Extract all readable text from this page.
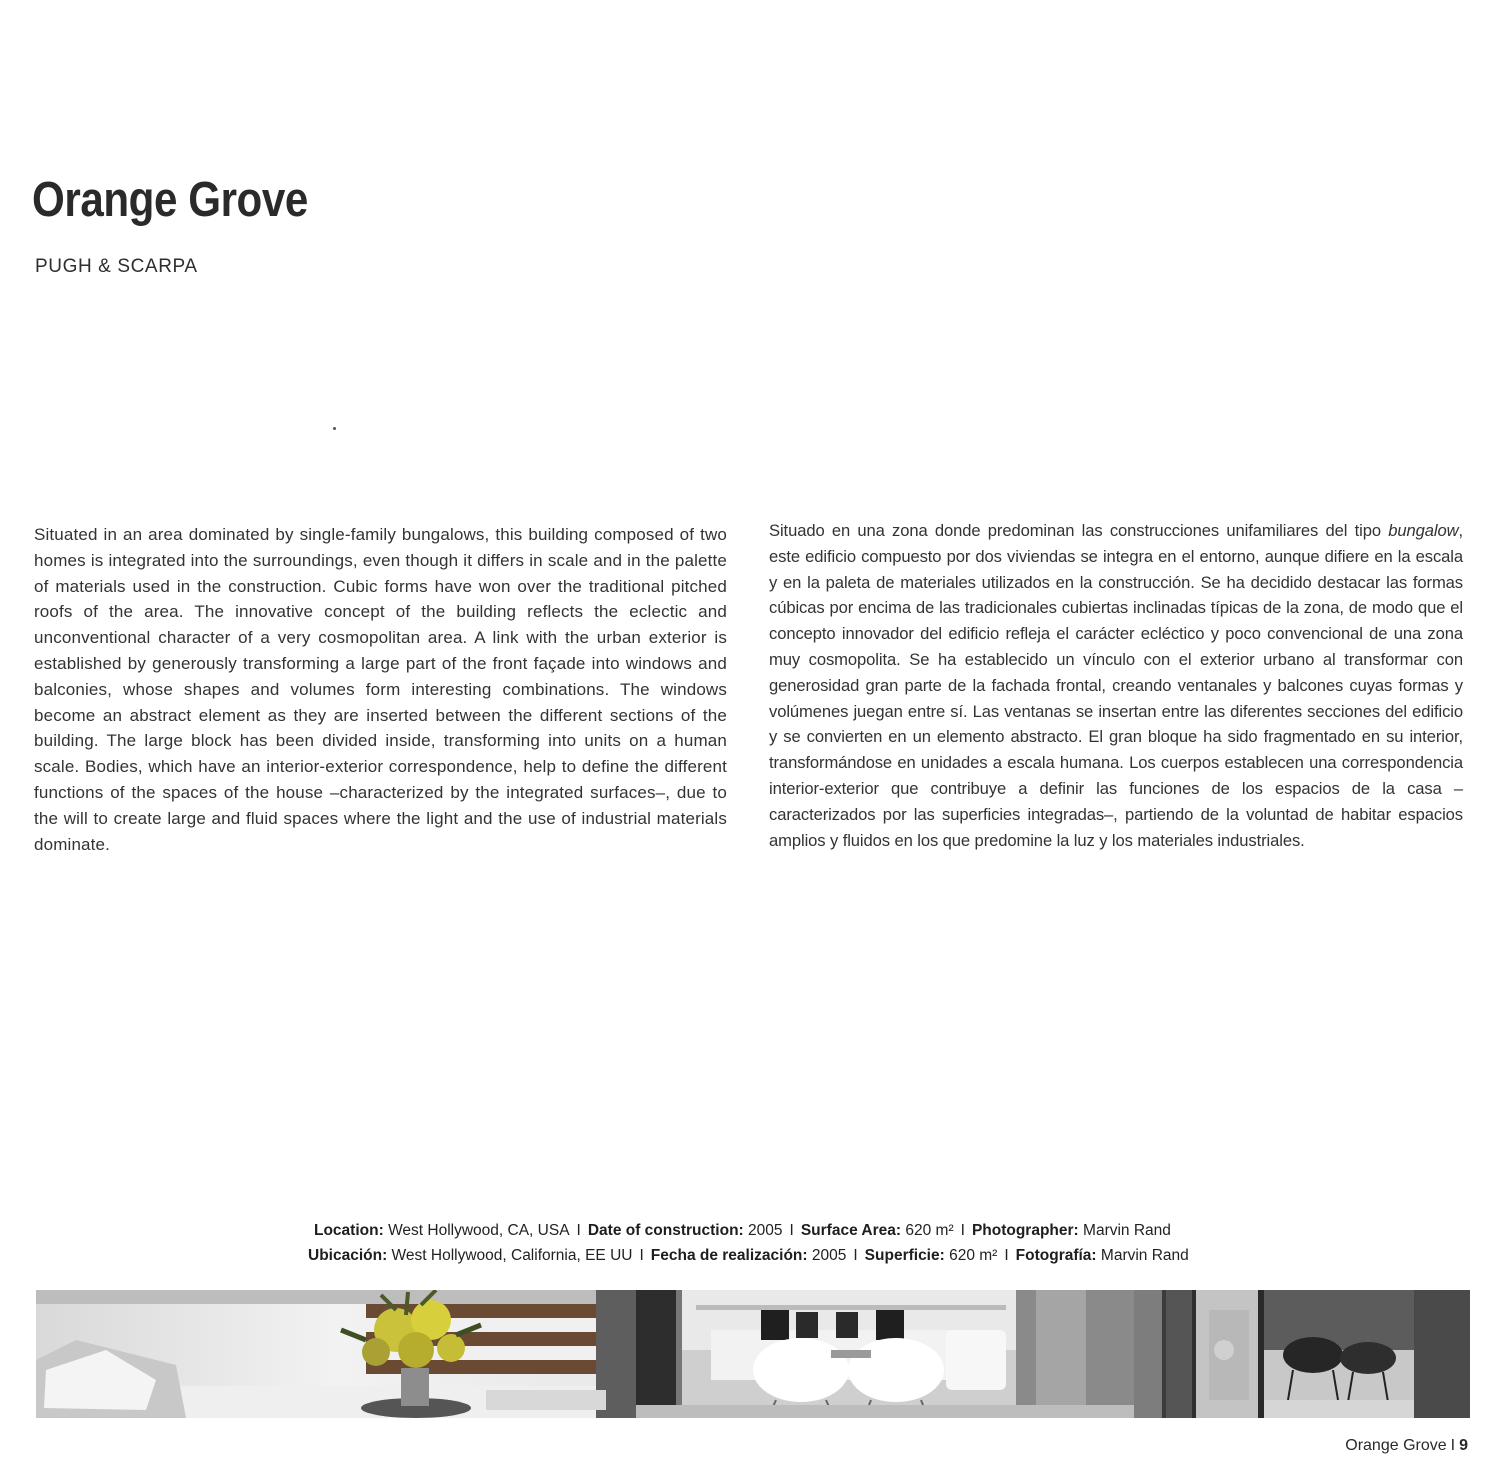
Orange Grove

PUGH & SCARPA

Situated in an area dominated by single-family bungalows, this building composed of two homes is integrated into the surroundings, even though it differs in scale and in the palette of materials used in the construction. Cubic forms have won over the traditional pitched roofs of the area. The innovative concept of the building reflects the eclectic and unconventional character of a very cosmopolitan area. A link with the urban exterior is established by generously transforming a large part of the front façade into windows and balconies, whose shapes and volumes form interesting combinations. The windows become an abstract element as they are inserted between the different sections of the building. The large block has been divided inside, transforming into units on a human scale. Bodies, which have an interior-exterior correspondence, help to define the different functions of the spaces of the house –characterized by the integrated surfaces–, due to the will to create large and fluid spaces where the light and the use of industrial materials dominate.

Situado en una zona donde predominan las construcciones unifamiliares del tipo bungalow, este edificio compuesto por dos viviendas se integra en el entorno, aunque difiere en la escala y en la paleta de materiales utilizados en la construcción. Se ha decidido destacar las formas cúbicas por encima de las tradicionales cubiertas inclinadas típicas de la zona, de modo que el concepto innovador del edificio refleja el carácter ecléctico y poco convencional de una zona muy cosmopolita. Se ha establecido un vínculo con el exterior urbano al transformar con generosidad gran parte de la fachada frontal, creando ventanales y balcones cuyas formas y volúmenes juegan entre sí. Las ventanas se insertan entre las diferentes secciones del edificio y se convierten en un elemento abstracto. El gran bloque ha sido fragmentado en su interior, transformándose en unidades a escala humana. Los cuerpos establecen una correspondencia interior-exterior que contribuye a definir las funciones de los espacios de la casa –caracterizados por las superficies integradas–, partiendo de la voluntad de habitar espacios amplios y fluidos en los que predomine la luz y los materiales industriales.

Location: West Hollywood, CA, USA I Date of construction: 2005 I Surface Area: 620 m² I Photographer: Marvin Rand
Ubicación: West Hollywood, California, EE UU I Fecha de realización: 2005 I Superficie: 620 m² I Fotografía: Marvin Rand
Orange Grove I 9
